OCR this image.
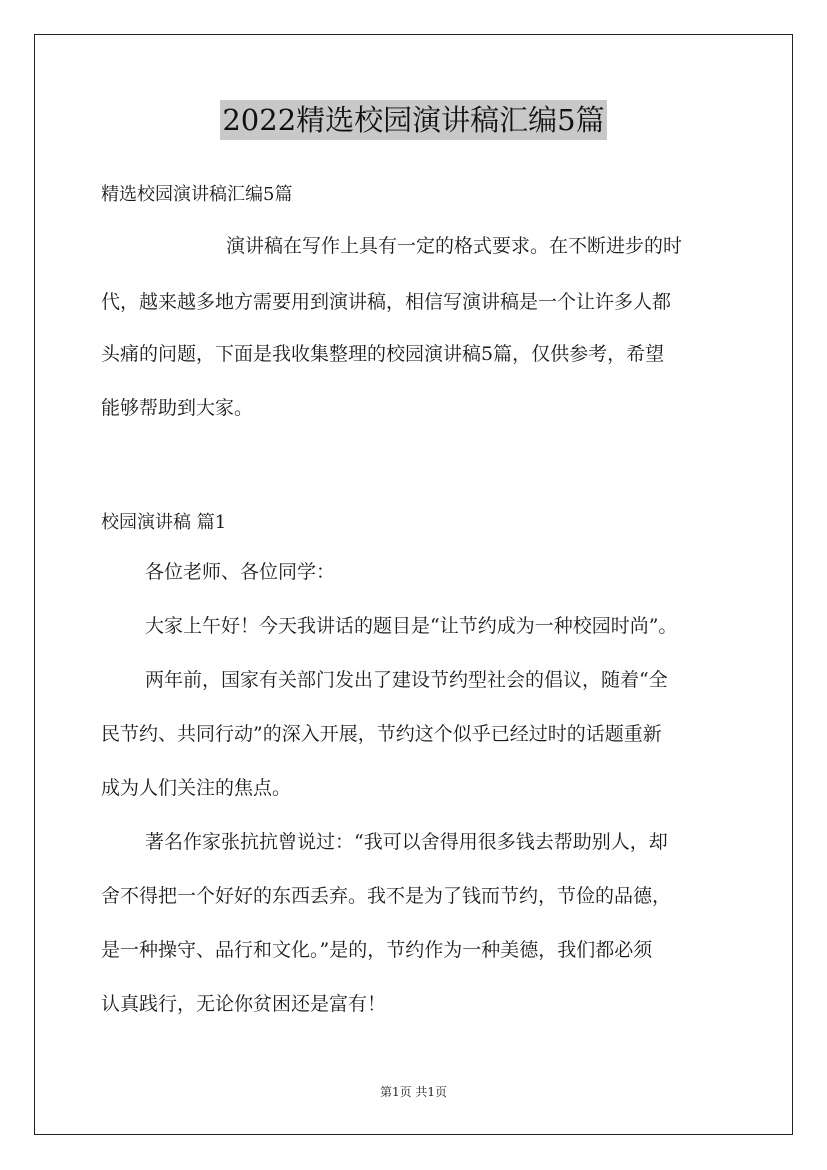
2022精选校园演讲稿汇编5篇
精选校园演讲稿汇编5篇
演讲稿在写作上具有一定的格式要求。在不断进步的时
代，越来越多地方需要用到演讲稿，相信写演讲稿是一个让许多人都
头痛的问题，下面是我收集整理的校园演讲稿5篇，仅供参考，希望
能够帮助到大家。
校园演讲稿 篇1
各位老师、各位同学：
大家上午好！今天我讲话的题目是“让节约成为一种校园时尚”。
两年前，国家有关部门发出了建设节约型社会的倡议，随着“全
民节约、共同行动”的深入开展，节约这个似乎已经过时的话题重新
成为人们关注的焦点。
著名作家张抗抗曾说过：“我可以舍得用很多钱去帮助别人，却
舍不得把一个好好的东西丢弃。我不是为了钱而节约，节俭的品德，
是一种操守、品行和文化。”是的，节约作为一种美德，我们都必须
认真践行，无论你贫困还是富有！
第1页 共1页
